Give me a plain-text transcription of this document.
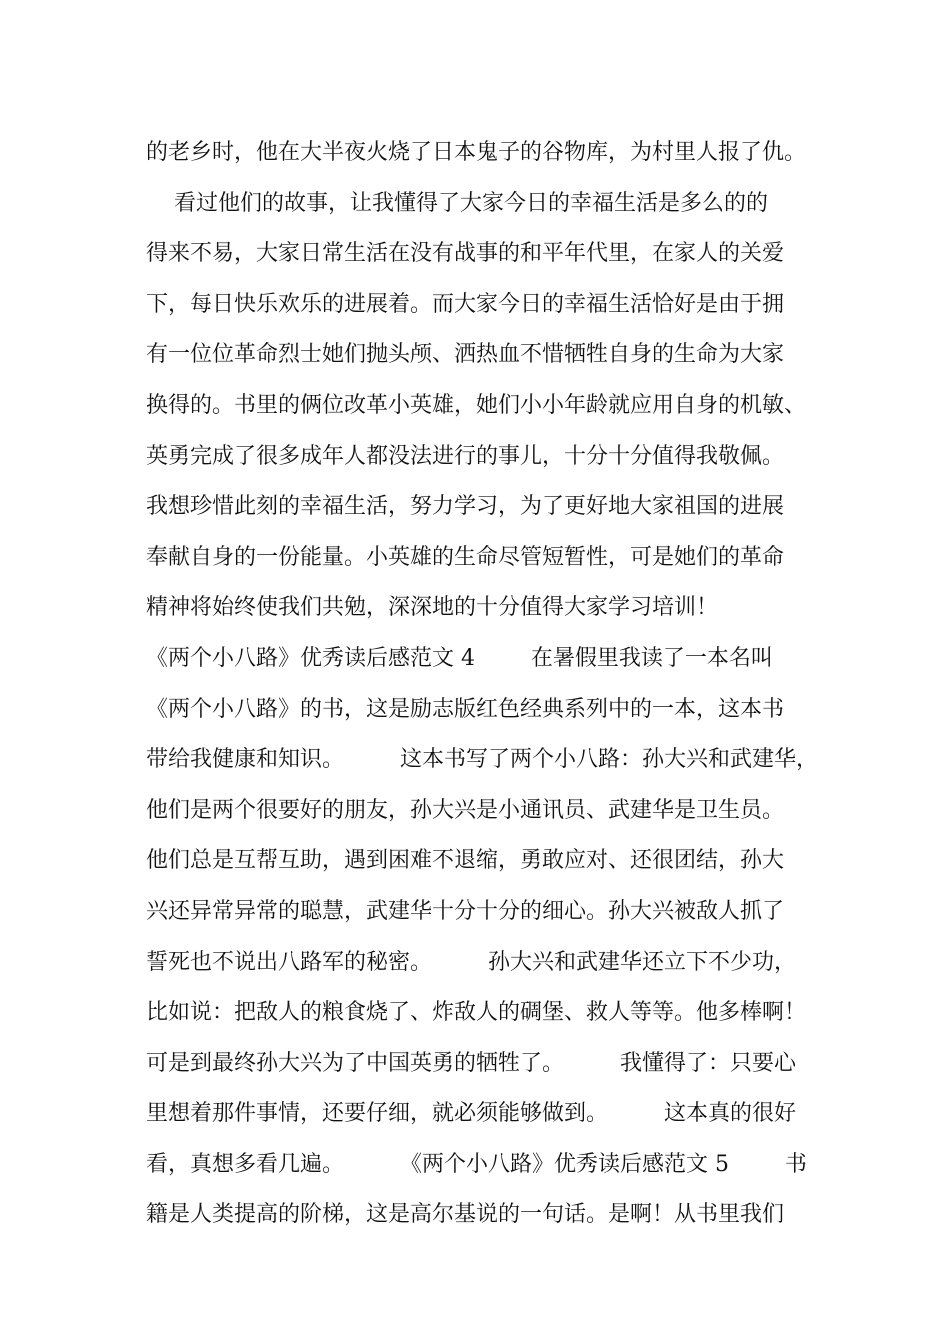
的老乡时，他在大半夜火烧了日本鬼子的谷物库，为村里人报了仇。
看过他们的故事，让我懂得了大家今日的幸福生活是多么的的
得来不易，大家日常生活在没有战事的和平年代里，在家人的关爱
下，每日快乐欢乐的进展着。而大家今日的幸福生活恰好是由于拥
有一位位革命烈士她们抛头颅、洒热血不惜牺牲自身的生命为大家
换得的。书里的俩位改革小英雄，她们小小年龄就应用自身的机敏、
英勇完成了很多成年人都没法进行的事儿，十分十分值得我敬佩。
我想珍惜此刻的幸福生活，努力学习，为了更好地大家祖国的进展
奉献自身的一份能量。小英雄的生命尽管短暂性，可是她们的革命
精神将始终使我们共勉，深深地的十分值得大家学习培训！
《两个小八路》优秀读后感范文 4        在暑假里我读了一本名叫
《两个小八路》的书，这是励志版红色经典系列中的一本，这本书
带给我健康和知识。        这本书写了两个小八路：孙大兴和武建华，
他们是两个很要好的朋友，孙大兴是小通讯员、武建华是卫生员。
他们总是互帮互助，遇到困难不退缩，勇敢应对、还很团结，孙大
兴还异常异常的聪慧，武建华十分十分的细心。孙大兴被敌人抓了
誓死也不说出八路军的秘密。        孙大兴和武建华还立下不少功，
比如说：把敌人的粮食烧了、炸敌人的碉堡、救人等等。他多棒啊！
可是到最终孙大兴为了中国英勇的牺牲了。        我懂得了：只要心
里想着那件事情，还要仔细，就必须能够做到。        这本真的很好
看，真想多看几遍。        《两个小八路》优秀读后感范文 5        书
籍是人类提高的阶梯，这是高尔基说的一句话。是啊！从书里我们
